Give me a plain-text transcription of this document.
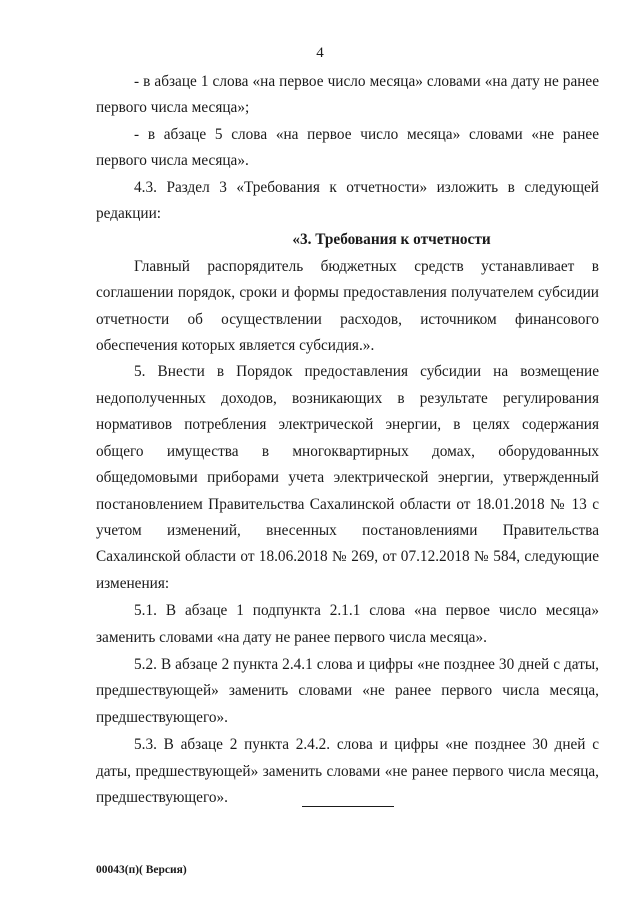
4

- в абзаце 1 слова «на первое число месяца» словами «на дату не ранее первого числа месяца»;

- в абзаце 5 слова «на первое число месяца» словами «не ранее первого числа месяца».

4.3. Раздел 3 «Требования к отчетности» изложить в следующей редакции:

«3. Требования к отчетности

Главный распорядитель бюджетных средств устанавливает в соглашении порядок, сроки и формы предоставления получателем субсидии отчетности об осуществлении расходов, источником финансового обеспечения которых является субсидия.».

5. Внести в Порядок предоставления субсидии на возмещение недополученных доходов, возникающих в результате регулирования нормативов потребления электрической энергии, в целях содержания общего имущества в многоквартирных домах, оборудованных общедомовыми приборами учета электрической энергии, утвержденный постановлением Правительства Сахалинской области от 18.01.2018 № 13 с учетом изменений, внесенных постановлениями Правительства Сахалинской области от 18.06.2018 № 269, от 07.12.2018 № 584, следующие изменения:

5.1. В абзаце 1 подпункта 2.1.1 слова «на первое число месяца» заменить словами «на дату не ранее первого числа месяца».

5.2. В абзаце 2 пункта 2.4.1 слова и цифры «не позднее 30 дней с даты, предшествующей» заменить словами «не ранее первого числа месяца, предшествующего».

5.3. В абзаце 2 пункта 2.4.2. слова и цифры «не позднее 30 дней с даты, предшествующей» заменить словами «не ранее первого числа месяца, предшествующего».

00043(п)( Версия)
